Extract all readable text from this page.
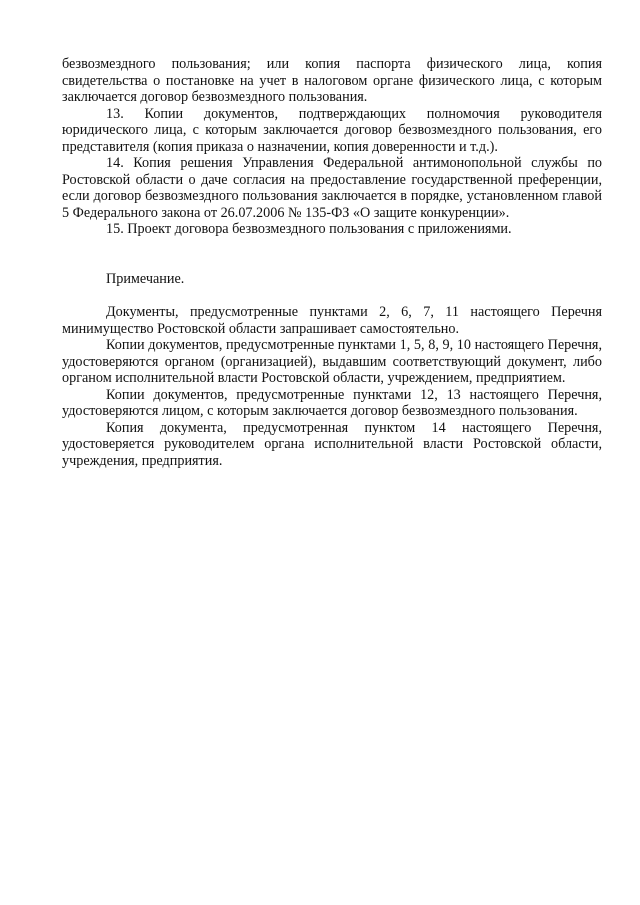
безвозмездного пользования; или копия паспорта физического лица, копия свидетельства о постановке на учет в налоговом органе физического лица, с которым заключается договор безвозмездного пользования.

13. Копии документов, подтверждающих полномочия руководителя юридического лица, с которым заключается договор безвозмездного пользования, его представителя (копия приказа о назначении, копия доверенности и т.д.).

14. Копия решения Управления Федеральной антимонопольной службы по Ростовской области о даче согласия на предоставление государственной преференции, если договор безвозмездного пользования заключается в порядке, установленном главой 5 Федерального закона от 26.07.2006 № 135-ФЗ «О защите конкуренции».

15. Проект договора безвозмездного пользования с приложениями.

Примечание.

Документы, предусмотренные пунктами 2, 6, 7, 11 настоящего Перечня минимущество Ростовской области запрашивает самостоятельно.

Копии документов, предусмотренные пунктами 1, 5, 8, 9, 10 настоящего Перечня, удостоверяются органом (организацией), выдавшим соответствующий документ, либо органом исполнительной власти Ростовской области, учреждением, предприятием.

Копии документов, предусмотренные пунктами 12, 13 настоящего Перечня, удостоверяются лицом, с которым заключается договор безвозмездного пользования.

Копия документа, предусмотренная пунктом 14 настоящего Перечня, удостоверяется руководителем органа исполнительной власти Ростовской области, учреждения, предприятия.
